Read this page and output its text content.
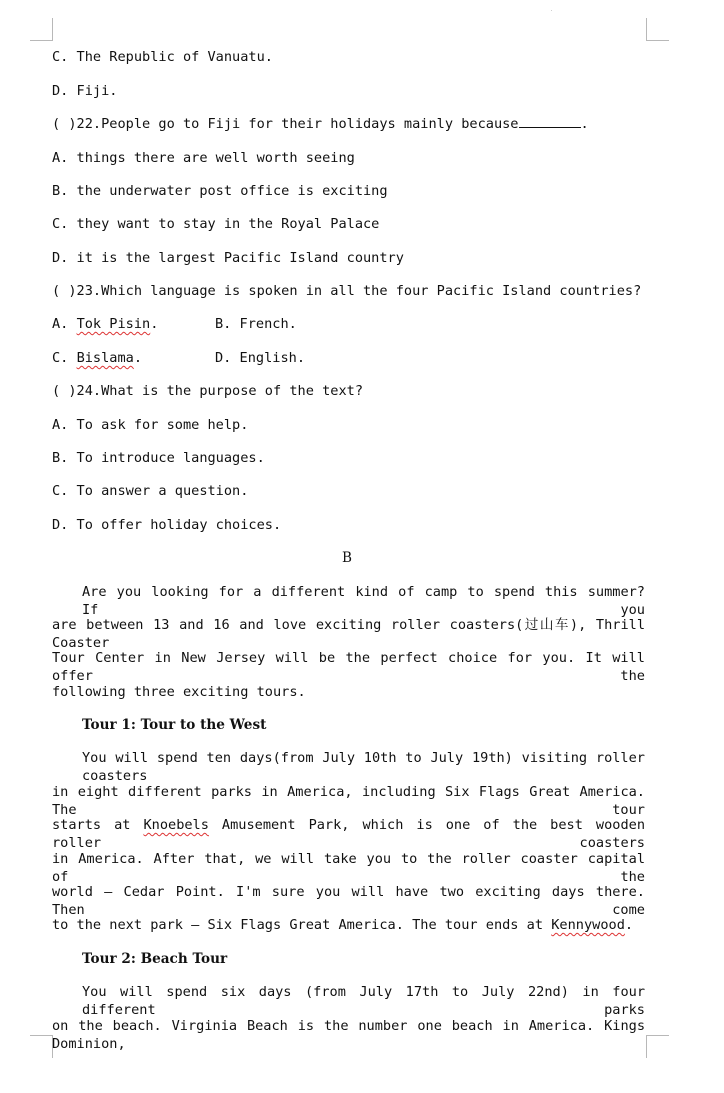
C. The Republic of Vanuatu.
D. Fiji.
( )22.People go to Fiji for their holidays mainly because	.
A. things there are well worth seeing
B. the underwater post office is exciting
C. they want to stay in the Royal Palace
D. it is the largest Pacific Island country
( )23.Which language is spoken in all the four Pacific Island countries?
A. Tok Pisin.	B. French.
C. Bislama.	D. English.
( )24.What is the purpose of the text?
A. To ask for some help.
B. To introduce languages.
C. To answer a question.
D. To offer holiday choices.
B
Are you looking for a different kind of camp to spend this summer? If you
are between 13 and 16 and love exciting roller coasters(过山车), Thrill Coaster
Tour Center in New Jersey will be the perfect choice for you. It will offer the
following three exciting tours.
Tour 1: Tour to the West
You will spend ten days(from July 10th to July 19th) visiting roller coasters
in eight different parks in America, including Six Flags Great America. The tour
starts at Knoebels Amusement Park, which is one of the best wooden roller coasters
in America. After that, we will take you to the roller coaster capital of the
world — Cedar Point. I'm sure you will have two exciting days there. Then come
to the next park — Six Flags Great America. The tour ends at Kennywood.
Tour 2: Beach Tour
You will spend six days (from July 17th to July 22nd) in four different parks
on the beach. Virginia Beach is the number one beach in America. Kings Dominion,
